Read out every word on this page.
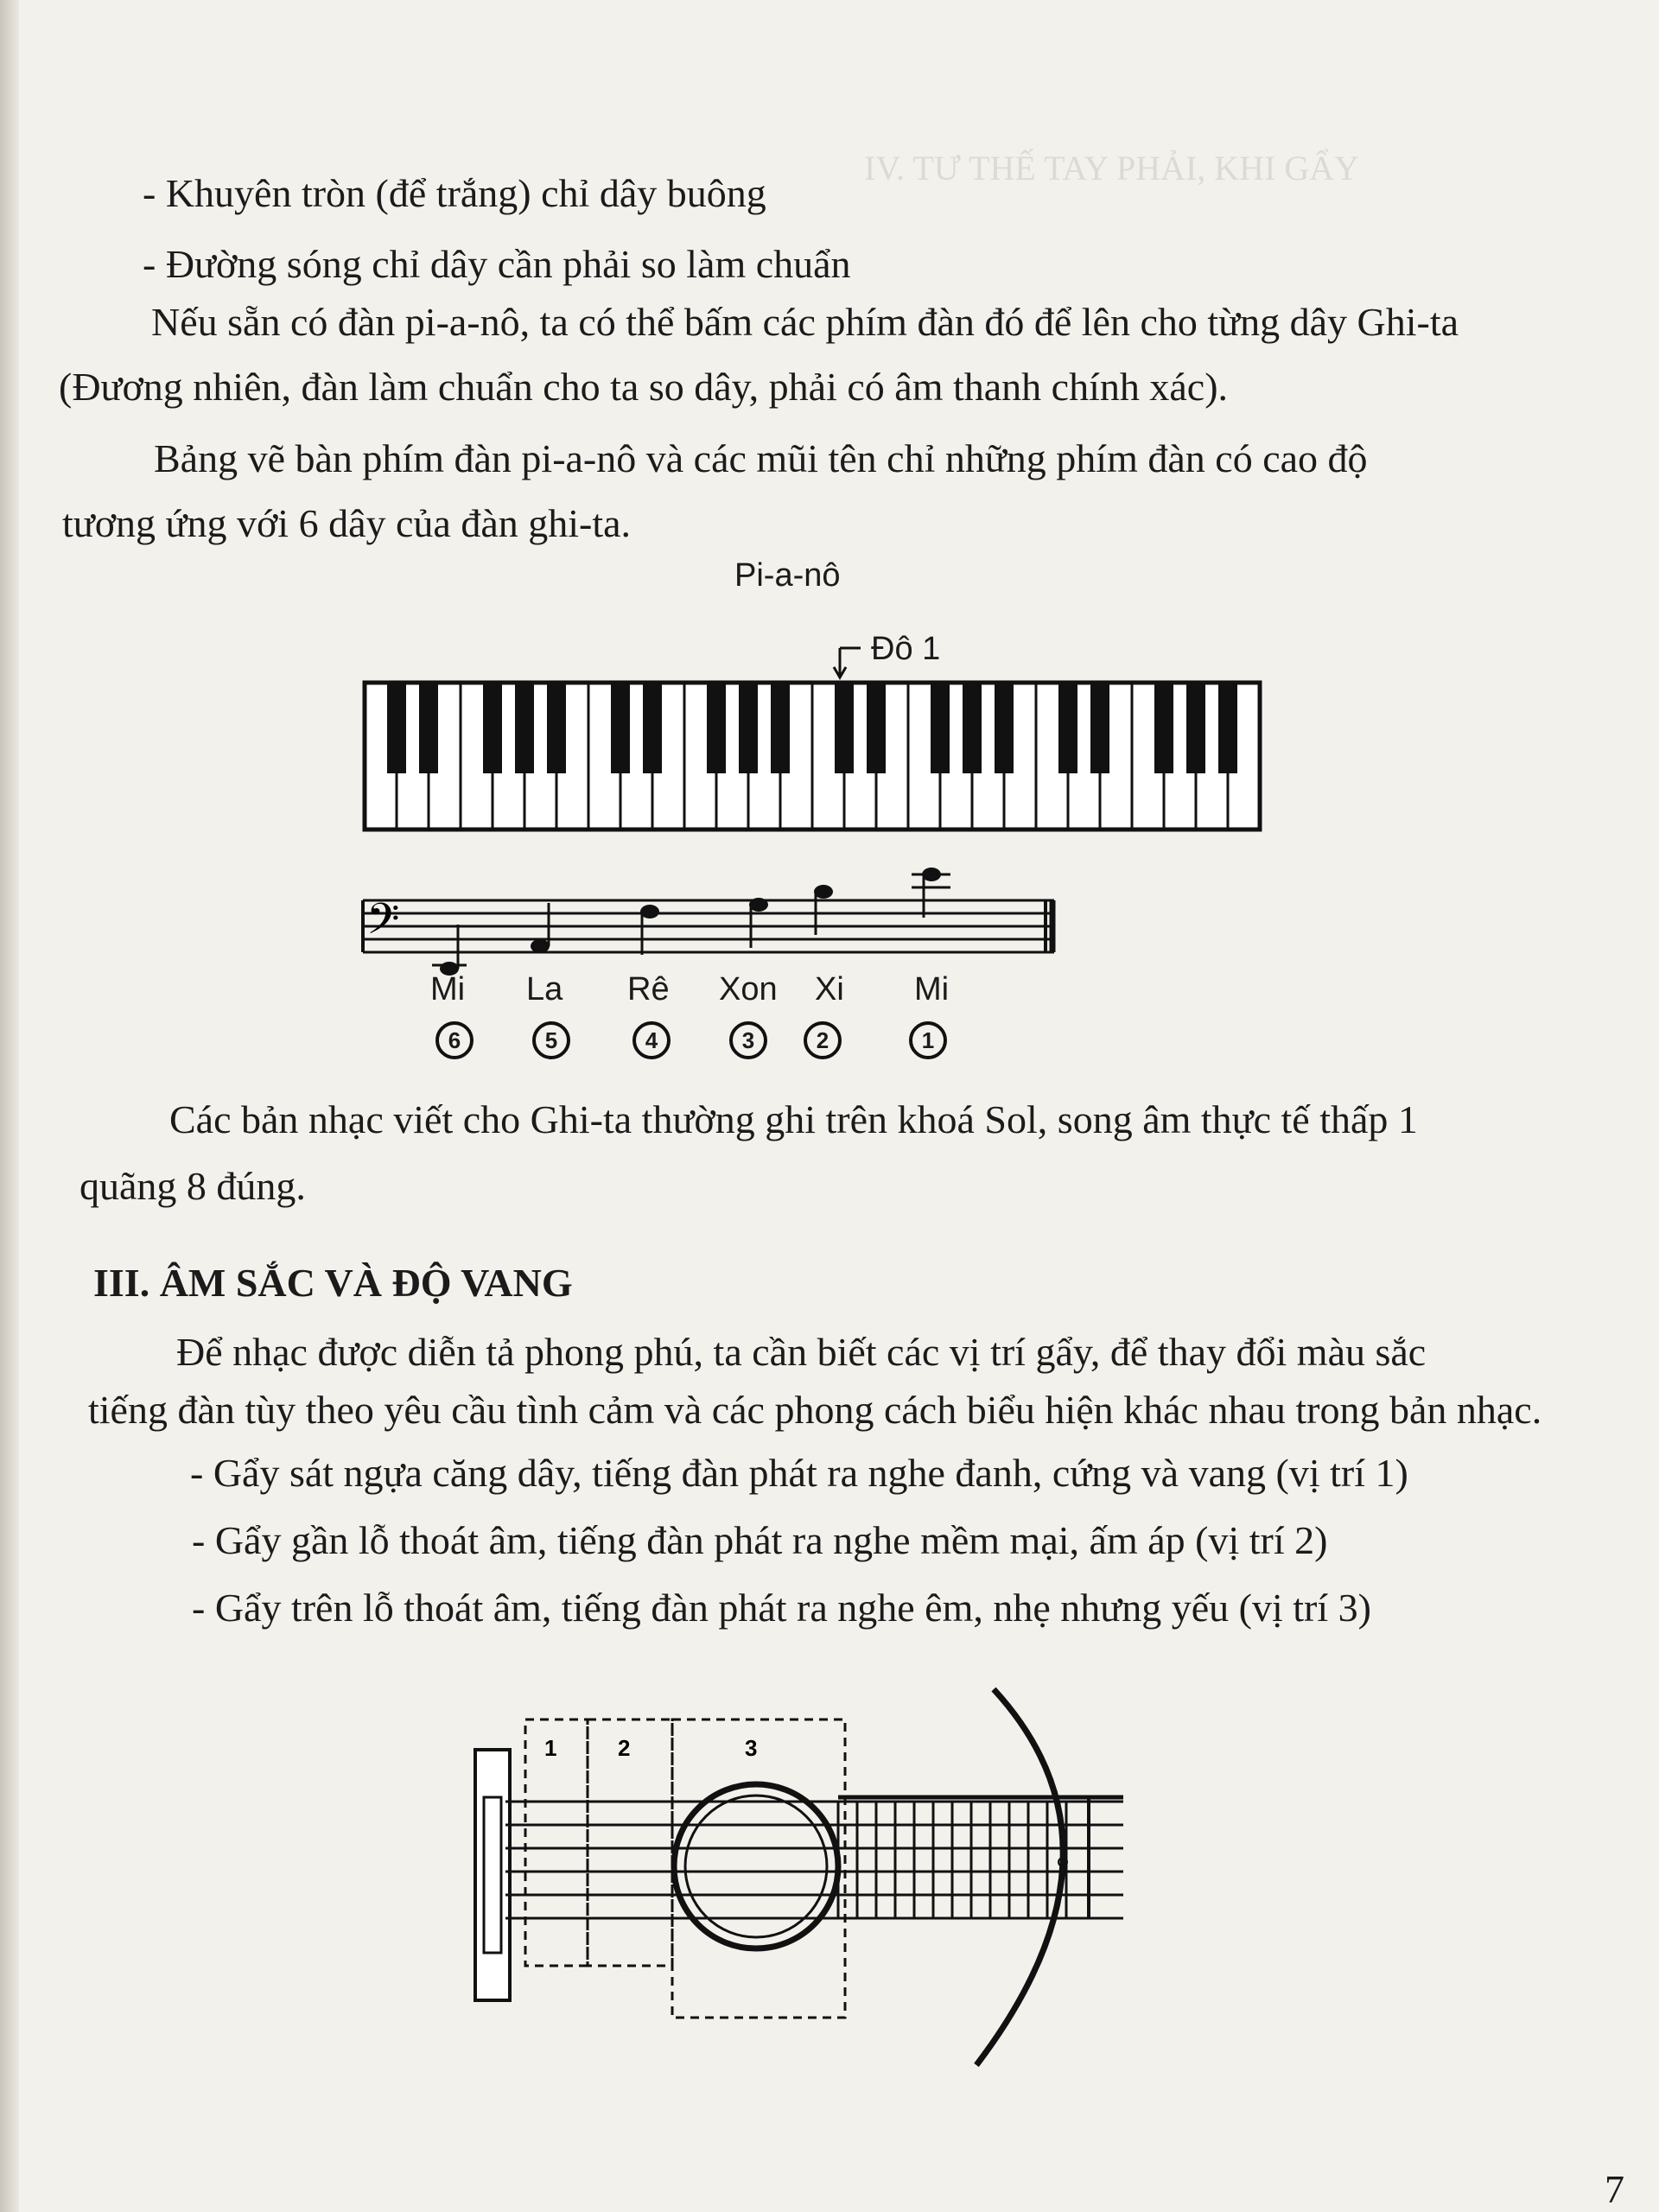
IV. TƯ THẾ TAY PHẢI, KHI GẨY

- Khuyên tròn (để trắng) chỉ dây buông
- Đường sóng chỉ dây cần phải so làm chuẩn
Nếu sẵn có đàn pi-a-nô, ta có thể bấm các phím đàn đó để lên cho từng dây Ghi-ta
(Đương nhiên, đàn làm chuẩn cho ta so dây, phải có âm thanh chính xác).
Bảng vẽ bàn phím đàn pi-a-nô và các mũi tên chỉ những phím đàn có cao độ
tương ứng với 6 dây của đàn ghi-ta.
Pi-a-nô
Đô 1
𝄢
Mi La Rê Xon Xi Mi
6	5	4	3	2	1
Các bản nhạc viết cho Ghi-ta thường ghi trên khoá Sol, song âm thực tế thấp 1
quãng 8 đúng.
III. ÂM SẮC VÀ ĐỘ VANG
Để nhạc được diễn tả phong phú, ta cần biết các vị trí gẩy, để thay đổi màu sắc
tiếng đàn tùy theo yêu cầu tình cảm và các phong cách biểu hiện khác nhau trong bản nhạc.
- Gẩy sát ngựa căng dây, tiếng đàn phát ra nghe đanh, cứng và vang (vị trí 1)
- Gẩy gần lỗ thoát âm, tiếng đàn phát ra nghe mềm mại, ấm áp (vị trí 2)
- Gẩy trên lỗ thoát âm, tiếng đàn phát ra nghe êm, nhẹ nhưng yếu (vị trí 3)
1	2	3
7
